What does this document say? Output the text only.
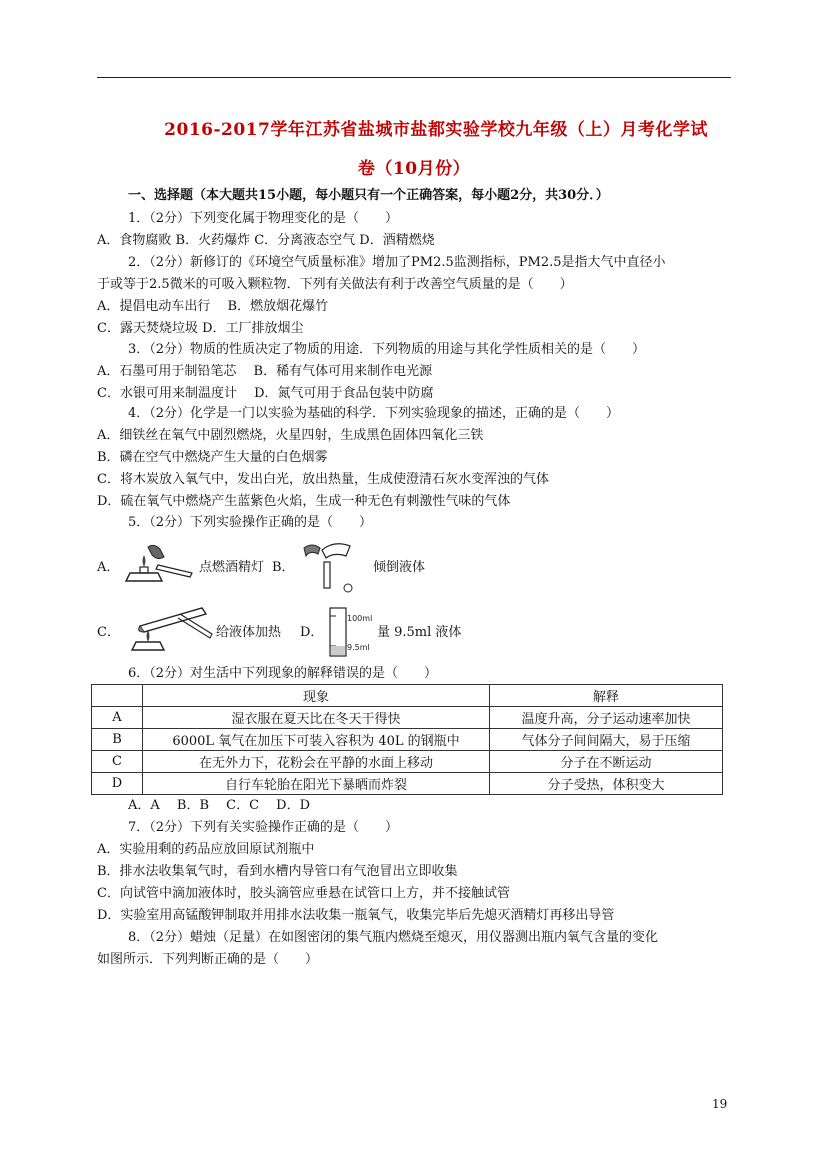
2016-2017学年江苏省盐城市盐都实验学校九年级（上）月考化学试
卷（10月份）
一、选择题（本大题共15小题，每小题只有一个正确答案，每小题2分，共30分．）
1．（2分）下列变化属于物理变化的是（　　）
A．食物腐败 B．火药爆炸 C．分离液态空气 D．酒精燃烧
2．（2分）新修订的《环境空气质量标准》增加了PM2.5监测指标，PM2.5是指大气中直径小
于或等于2.5微米的可吸入颗粒物．下列有关做法有利于改善空气质量的是（　　）
A．提倡电动车出行　 B．燃放烟花爆竹
C．露天焚烧垃圾 D．工厂排放烟尘
3．（2分）物质的性质决定了物质的用途．下列物质的用途与其化学性质相关的是（　　）
A．石墨可用于制铅笔芯　 B．稀有气体可用来制作电光源
C．水银可用来制温度计　 D．氮气可用于食品包装中防腐
4．（2分）化学是一门以实验为基础的科学．下列实验现象的描述，正确的是（　　）
A．细铁丝在氧气中剧烈燃烧，火星四射，生成黑色固体四氧化三铁
B．磷在空气中燃烧产生大量的白色烟雾
C．将木炭放入氧气中，发出白光，放出热量，生成使澄清石灰水变浑浊的气体
D．硫在氧气中燃烧产生蓝紫色火焰，生成一种无色有刺激性气味的气体
5．（2分）下列实验操作正确的是（　　）
A．	点燃酒精灯 B．	倾倒液体
C．	给液体加热 D．
100ml
9.5ml
量 9.5ml 液体
6．（2分）对生活中下列现象的解释错误的是（　　）
	现象	解释
A	湿衣服在夏天比在冬天干得快	温度升高，分子运动速率加快
B	6000L 氧气在加压下可装入容积为 40L 的钢瓶中	气体分子间间隔大，易于压缩
C	在无外力下，花粉会在平静的水面上移动	分子在不断运动
D	自行车轮胎在阳光下暴晒而炸裂	分子受热，体积变大
A．A　 B．B　 C．C　 D．D
7．（2分）下列有关实验操作正确的是（　　）
A．实验用剩的药品应放回原试剂瓶中
B．排水法收集氧气时，看到水槽内导管口有气泡冒出立即收集
C．向试管中滴加液体时，胶头滴管应垂悬在试管口上方，并不接触试管
D．实验室用高锰酸钾制取并用排水法收集一瓶氧气，收集完毕后先熄灭酒精灯再移出导管
8．（2分）蜡烛（足量）在如图密闭的集气瓶内燃烧至熄灭，用仪器测出瓶内氧气含量的变化
如图所示．下列判断正确的是（　　）
19
